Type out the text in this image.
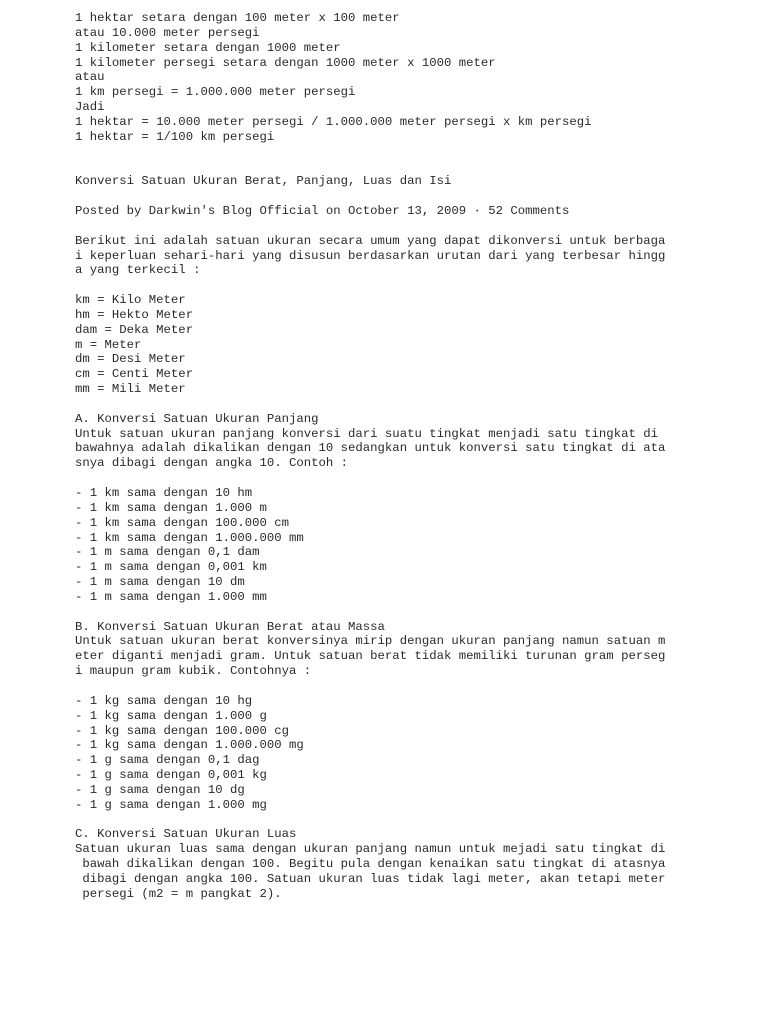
1 hektar setara dengan 100 meter x 100 meter
atau 10.000 meter persegi
1 kilometer setara dengan 1000 meter
1 kilometer persegi setara dengan 1000 meter x 1000 meter
atau
1 km persegi = 1.000.000 meter persegi
Jadi
1 hektar = 10.000 meter persegi / 1.000.000 meter persegi x km persegi
1 hektar = 1/100 km persegi
Konversi Satuan Ukuran Berat, Panjang, Luas dan Isi
Posted by Darkwin's Blog Official on October 13, 2009 · 52 Comments
Berikut ini adalah satuan ukuran secara umum yang dapat dikonversi untuk berbaga
i keperluan sehari-hari yang disusun berdasarkan urutan dari yang terbesar hingg
a yang terkecil :
km = Kilo Meter
hm = Hekto Meter
dam = Deka Meter
m = Meter
dm = Desi Meter
cm = Centi Meter
mm = Mili Meter
A. Konversi Satuan Ukuran Panjang
Untuk satuan ukuran panjang konversi dari suatu tingkat menjadi satu tingkat di
bawahnya adalah dikalikan dengan 10 sedangkan untuk konversi satu tingkat di ata
snya dibagi dengan angka 10. Contoh :
- 1 km sama dengan 10 hm
- 1 km sama dengan 1.000 m
- 1 km sama dengan 100.000 cm
- 1 km sama dengan 1.000.000 mm
- 1 m sama dengan 0,1 dam
- 1 m sama dengan 0,001 km
- 1 m sama dengan 10 dm
- 1 m sama dengan 1.000 mm
B. Konversi Satuan Ukuran Berat atau Massa
Untuk satuan ukuran berat konversinya mirip dengan ukuran panjang namun satuan m
eter diganti menjadi gram. Untuk satuan berat tidak memiliki turunan gram perseg
i maupun gram kubik. Contohnya :
- 1 kg sama dengan 10 hg
- 1 kg sama dengan 1.000 g
- 1 kg sama dengan 100.000 cg
- 1 kg sama dengan 1.000.000 mg
- 1 g sama dengan 0,1 dag
- 1 g sama dengan 0,001 kg
- 1 g sama dengan 10 dg
- 1 g sama dengan 1.000 mg
C. Konversi Satuan Ukuran Luas
Satuan ukuran luas sama dengan ukuran panjang namun untuk mejadi satu tingkat di
bawah dikalikan dengan 100. Begitu pula dengan kenaikan satu tingkat di atasnya
dibagi dengan angka 100. Satuan ukuran luas tidak lagi meter, akan tetapi meter
persegi (m2 = m pangkat 2).
